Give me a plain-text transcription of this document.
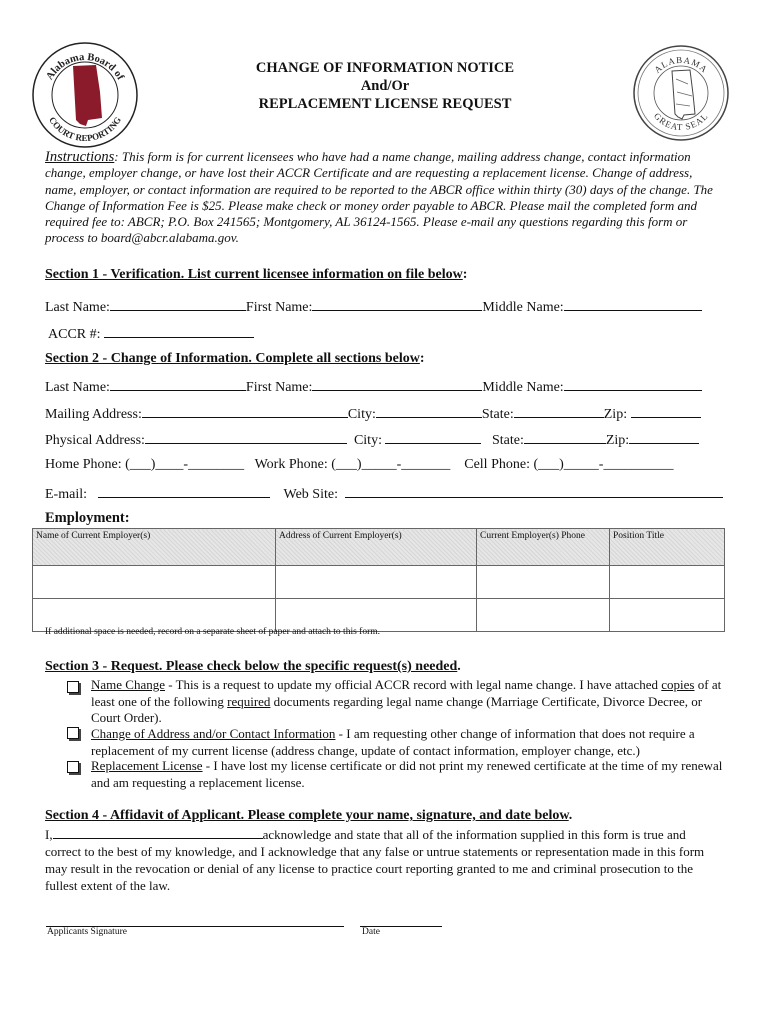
Alabama Board of
COURT REPORTING
ALABAMA
GREAT SEAL
CHANGE OF INFORMATION NOTICE
And/Or
REPLACEMENT LICENSE REQUEST
Instructions: This form is for current licensees who have had a name change, mailing address change, contact information change, employer change, or have lost their ACCR Certificate and are requesting a replacement license. Change of address, name, employer, or contact information are required to be reported to the ABCR office within thirty (30) days of the change. The Change of Information Fee is $25. Please make check or money order payable to ABCR. Please mail the completed form and required fee to: ABCR; P.O. Box 241565; Montgomery, AL 36124-1565. Please e-mail any questions regarding this form or process to board@abcr.alabama.gov.
Section 1 - Verification. List current licensee information on file below:
Last Name:	First Name:	Middle Name:
ACCR #:
Section 2 - Change of Information. Complete all sections below:
Last Name:	First Name:	Middle Name:
Mailing Address:	City:	State:	Zip:
Physical Address:	City:	State:	Zip:
Home Phone: (___)____-________ Work Phone: (___)_____-_______ Cell Phone: (___)_____-__________
E-mail:	Web Site:
Employment:
Name of Current Employer(s)	Address of Current Employer(s)	Current Employer(s) Phone	Position Title

If additional space is needed, record on a separate sheet of paper and attach to this form.
Section 3 - Request. Please check below the specific request(s) needed.
Name Change - This is a request to update my official ACCR record with legal name change. I have attached copies of at least one of the following required documents regarding legal name change (Marriage Certificate, Divorce Decree, or Court Order).
Change of Address and/or Contact Information - I am requesting other change of information that does not require a replacement of my current license (address change, update of contact information, employer change, etc.)
Replacement License - I have lost my license certificate or did not print my renewed certificate at the time of my renewal and am requesting a replacement license.
Section 4 - Affidavit of Applicant. Please complete your name, signature, and date below.
I,	acknowledge and state that all of the information supplied in this form is true and correct to the best of my knowledge, and I acknowledge that any false or untrue statements or representation made in this form may result in the revocation or denial of any license to practice court reporting granted to me and criminal prosecution to the fullest extent of the law.
Applicants Signature	Date
